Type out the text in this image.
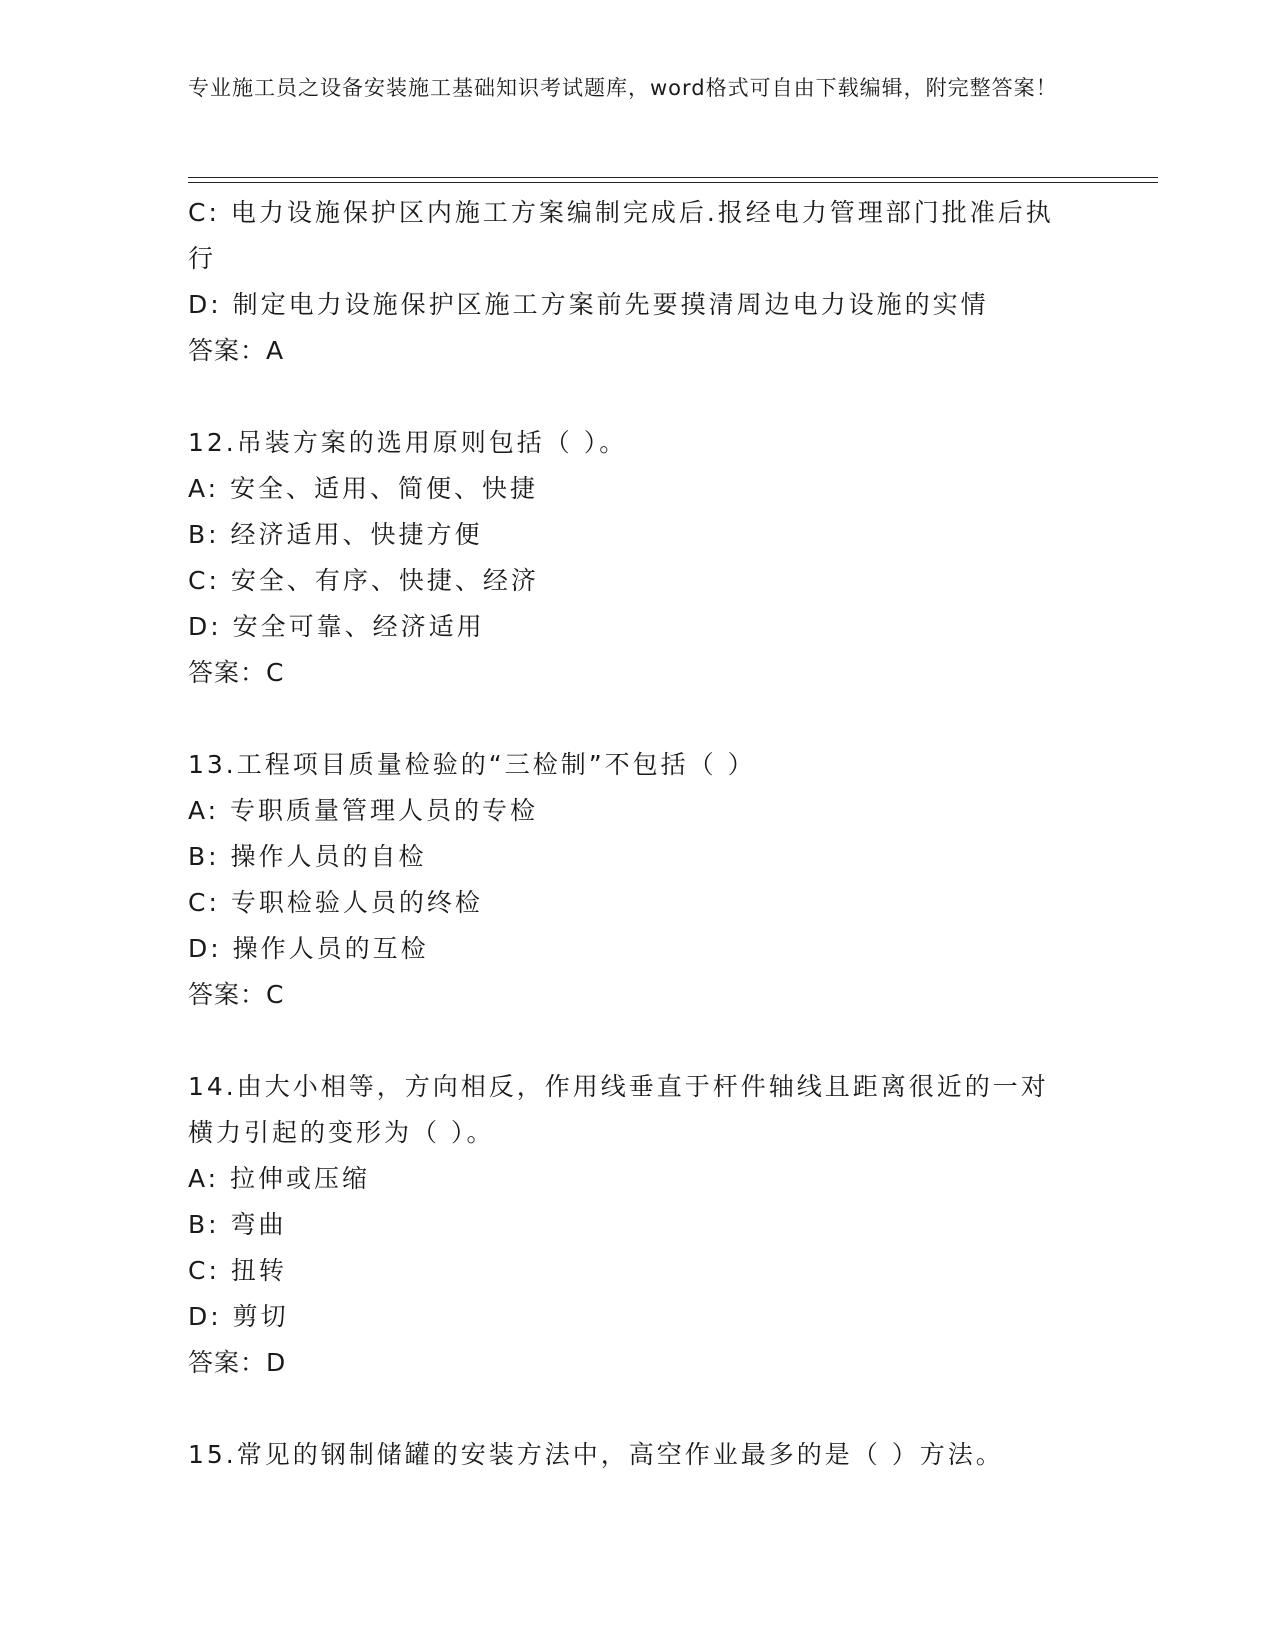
专业施工员之设备安装施工基础知识考试题库，word格式可自由下载编辑，附完整答案！
C: 电力设施保护区内施工方案编制完成后.报经电力管理部门批准后执行
D: 制定电力设施保护区施工方案前先要摸清周边电力设施的实情
答案：A
12.吊装方案的选用原则包括（ ）。
A: 安全、适用、简便、快捷
B: 经济适用、快捷方便
C: 安全、有序、快捷、经济
D: 安全可靠、经济适用
答案：C
13.工程项目质量检验的“三检制”不包括（ ）
A: 专职质量管理人员的专检
B: 操作人员的自检
C: 专职检验人员的终检
D: 操作人员的互检
答案：C
14.由大小相等，方向相反，作用线垂直于杆件轴线且距离很近的一对横力引起的变形为（ ）。
A: 拉伸或压缩
B: 弯曲
C: 扭转
D: 剪切
答案：D
15.常见的钢制储罐的安装方法中，高空作业最多的是（ ）方法。
